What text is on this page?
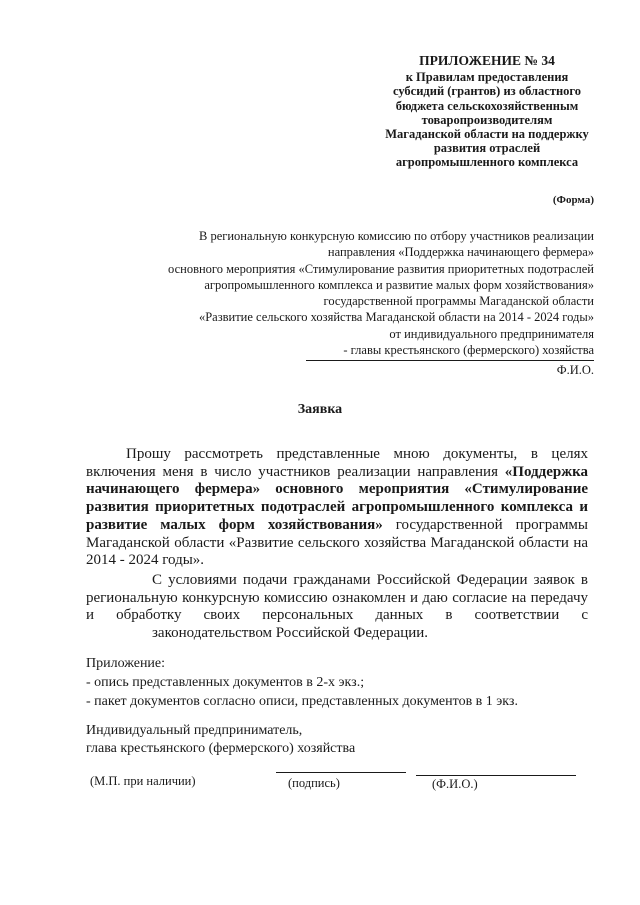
ПРИЛОЖЕНИЕ № 34
к Правилам предоставления
субсидий (грантов) из областного
бюджета сельскохозяйственным
товаропроизводителям
Магаданской области на поддержку
развития отраслей
агропромышленного комплекса
(Форма)
В региональную конкурсную комиссию по отбору участников реализации
направления «Поддержка начинающего фермера»
основного мероприятия «Стимулирование развития приоритетных подотраслей
агропромышленного комплекса и развитие малых форм хозяйствования»
государственной программы Магаданской области
«Развитие сельского хозяйства Магаданской области на 2014 - 2024 годы»
от индивидуального предпринимателя
- главы крестьянского (фермерского) хозяйства
Ф.И.О.
Заявка
Прошу рассмотреть представленные мною документы, в целях включения меня в число участников реализации направления «Поддержка начинающего фермера» основного мероприятия «Стимулирование развития приоритетных подотраслей агропромышленного комплекса и развитие малых форм хозяйствования» государственной программы Магаданской области «Развитие сельского хозяйства Магаданской области на 2014 - 2024 годы».
С условиями подачи гражданами Российской Федерации заявок в региональную конкурсную комиссию ознакомлен и даю согласие на передачу и обработку своих персональных данных в соответствии с
законодательством Российской Федерации.
Приложение:
- опись представленных документов в 2-х экз.;
- пакет документов согласно описи, представленных документов в 1 экз.
Индивидуальный предприниматель,
глава крестьянского (фермерского) хозяйства
(М.П. при наличии)	(подпись)	(Ф.И.О.)
